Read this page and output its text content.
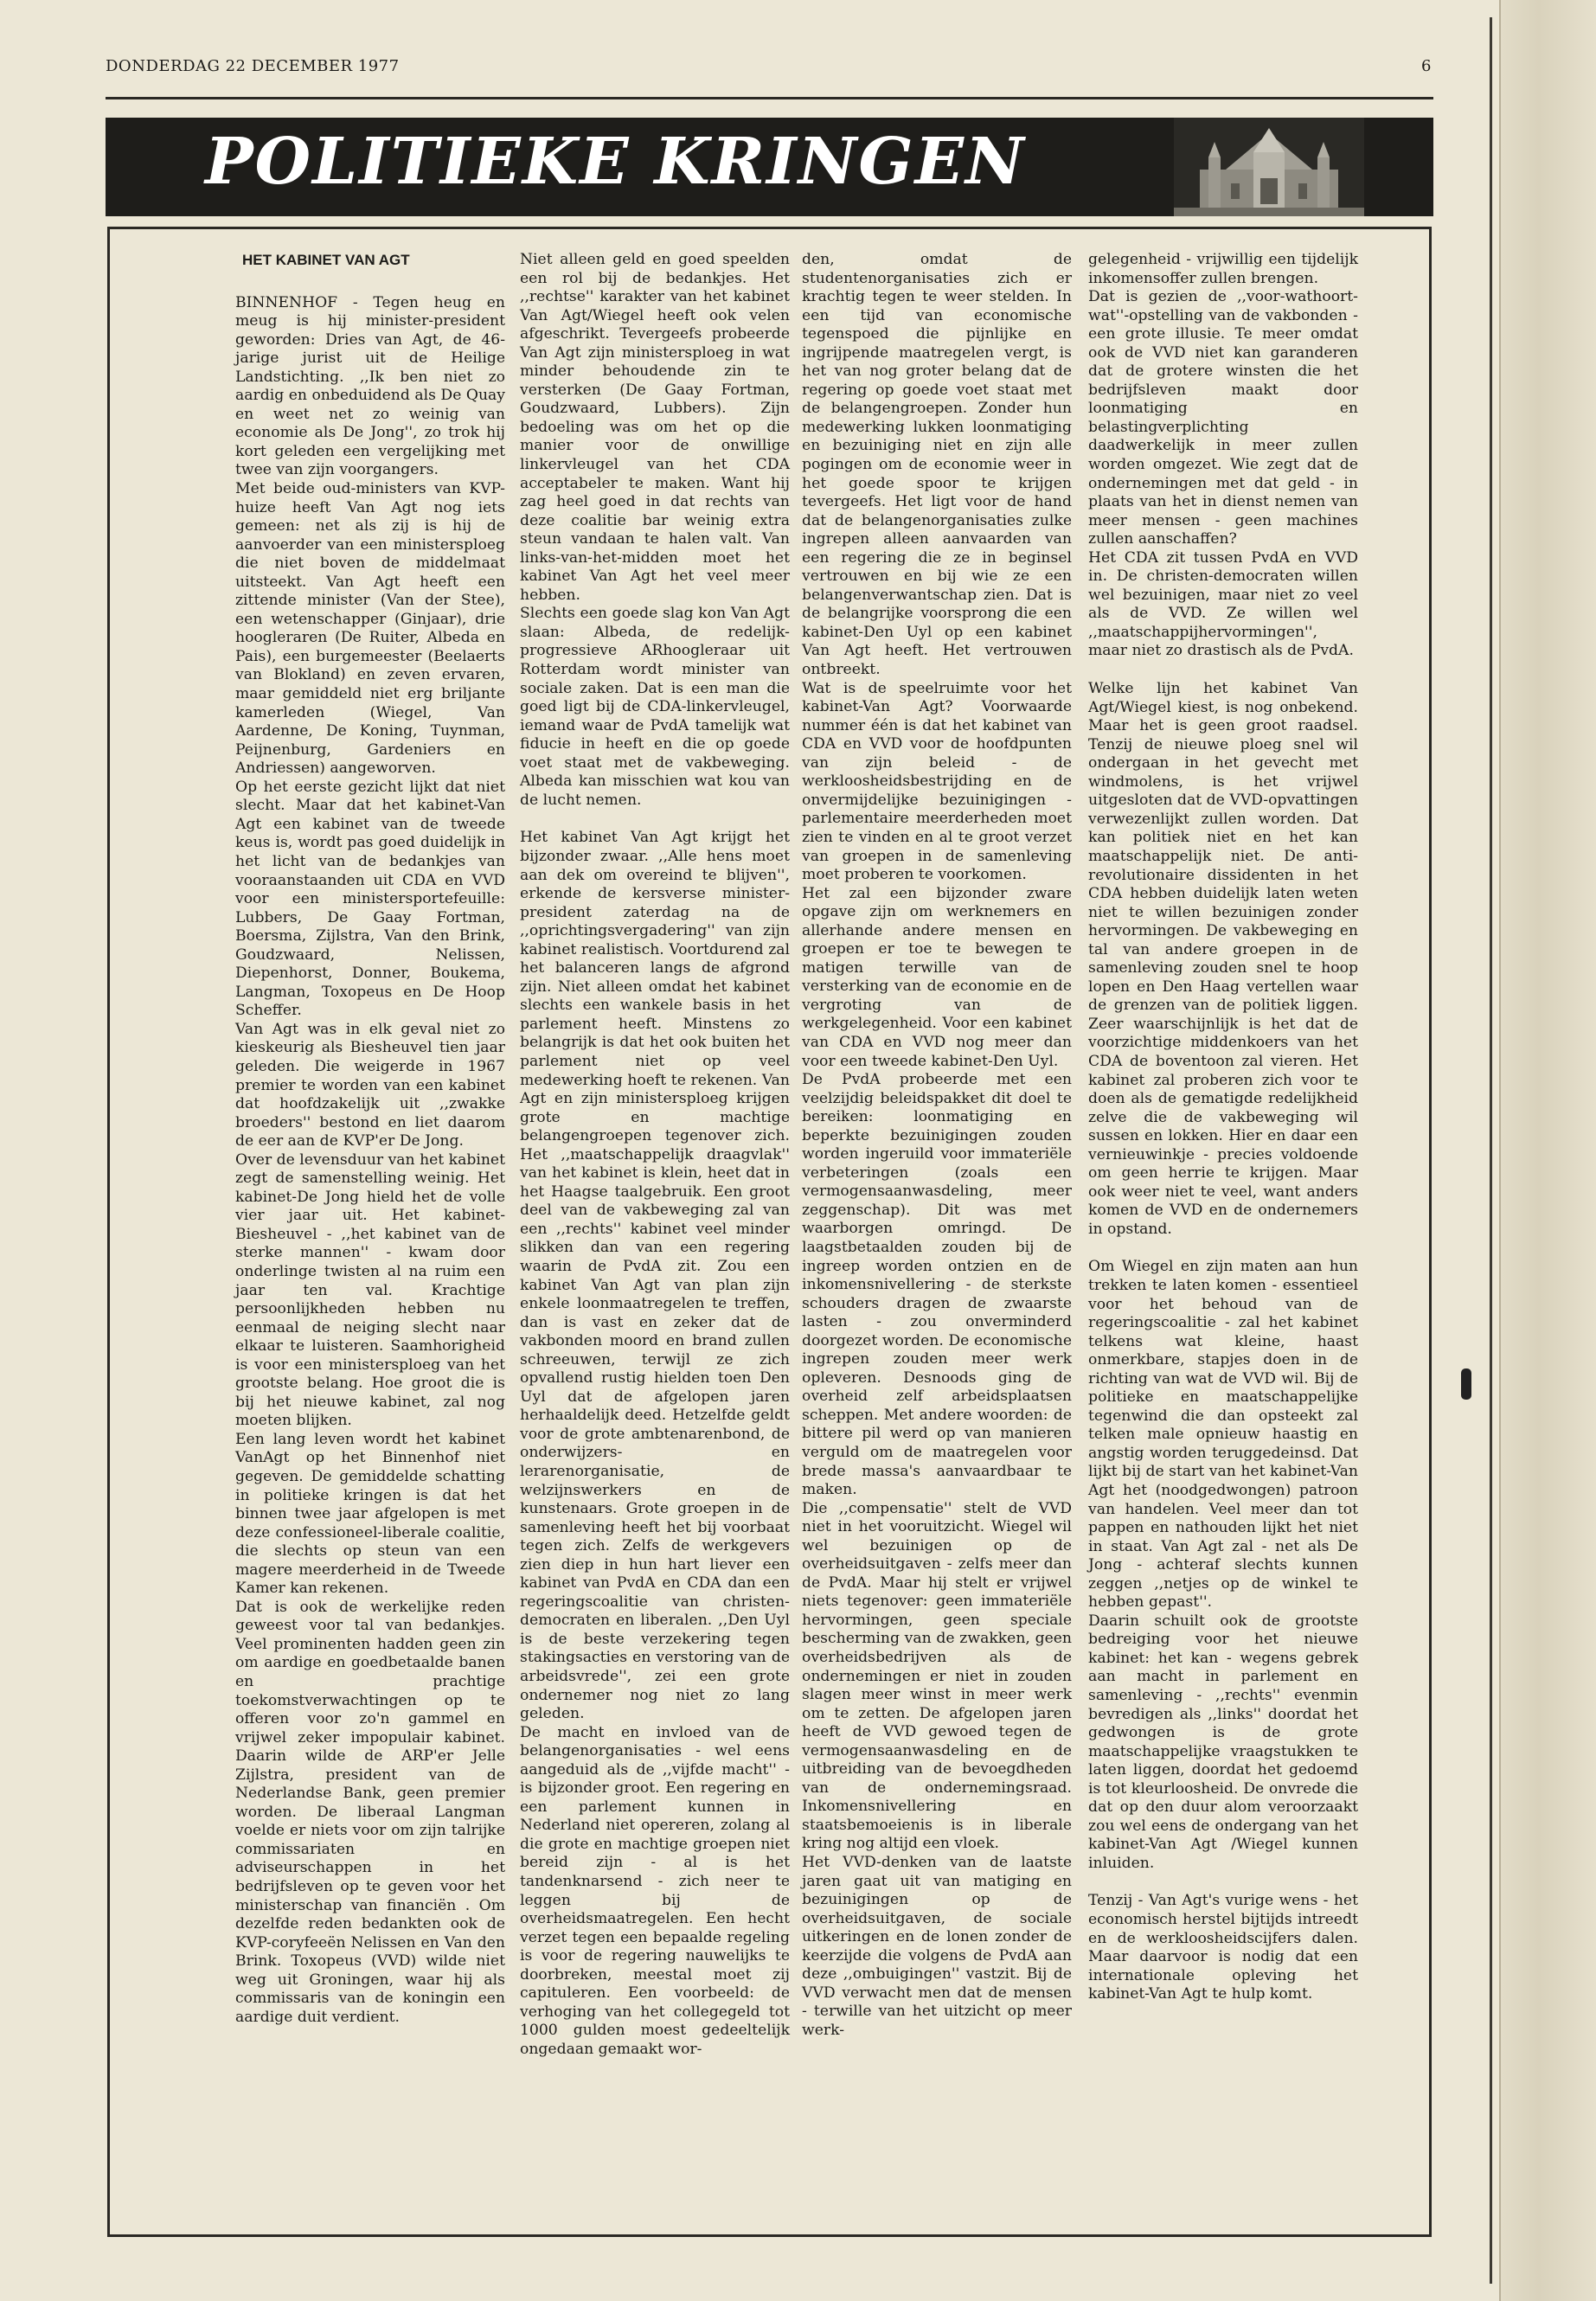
DONDERDAG 22 DECEMBER 1977	6
POLITIEKE KRINGEN

HET KABINET VAN AGT

BINNENHOF - Tegen heug en meug is hij minister-president geworden: Dries van Agt, de 46-jarige jurist uit de Heilige Landstichting. ,,Ik ben niet zo aardig en onbeduidend als De Quay en weet net zo weinig van economie als De Jong'', zo trok hij kort geleden een vergelijking met twee van zijn voorgangers.

Met beide oud-ministers van KVP-huize heeft Van Agt nog iets gemeen: net als zij is hij de aanvoerder van een ministersploeg die niet boven de middelmaat uitsteekt. Van Agt heeft een zittende minister (Van der Stee), een wetenschapper (Ginjaar), drie hoogleraren (De Ruiter, Albeda en Pais), een burgemeester (Beelaerts van Blokland) en zeven ervaren, maar gemiddeld niet erg briljante kamerleden (Wiegel, Van Aardenne, De Koning, Tuynman, Peijnenburg, Gardeniers en Andriessen) aangeworven.

Op het eerste gezicht lijkt dat niet slecht. Maar dat het kabinet-Van Agt een kabinet van de tweede keus is, wordt pas goed duidelijk in het licht van de bedankjes van vooraanstaanden uit CDA en VVD voor een ministersportefeuille: Lubbers, De Gaay Fortman, Boersma, Zijlstra, Van den Brink, Goudzwaard, Nelissen, Diepenhorst, Donner, Boukema, Langman, Toxopeus en De Hoop Scheffer.

Van Agt was in elk geval niet zo kieskeurig als Biesheuvel tien jaar geleden. Die weigerde in 1967 premier te worden van een kabinet dat hoofdzakelijk uit ,,zwakke broeders'' bestond en liet daarom de eer aan de KVP'er De Jong.

Over de levensduur van het kabinet zegt de samenstelling weinig. Het kabinet-De Jong hield het de volle vier jaar uit. Het kabinet-Biesheuvel - ,,het kabinet van de sterke mannen'' - kwam door onderlinge twisten al na ruim een jaar ten val. Krachtige persoonlijkheden hebben nu eenmaal de neiging slecht naar elkaar te luisteren. Saamhorigheid is voor een ministersploeg van het grootste belang. Hoe groot die is bij het nieuwe kabinet, zal nog moeten blijken.

Een lang leven wordt het kabinet VanAgt op het Binnenhof niet gegeven. De gemiddelde schatting in politieke kringen is dat het binnen twee jaar afgelopen is met deze confessioneel-liberale coalitie, die slechts op steun van een magere meerderheid in de Tweede Kamer kan rekenen.

Dat is ook de werkelijke reden geweest voor tal van bedankjes. Veel prominenten hadden geen zin om aardige en goedbetaalde banen en prachtige toekomstverwachtingen op te offeren voor zo'n gammel en vrijwel zeker impopulair kabinet. Daarin wilde de ARP'er Jelle Zijlstra, president van de Nederlandse Bank, geen premier worden. De liberaal Langman voelde er niets voor om zijn talrijke commissariaten en adviseurschappen in het bedrijfsleven op te geven voor het ministerschap van financiën . Om dezelfde reden bedankten ook de KVP-coryfeeën Nelissen en Van den Brink. Toxopeus (VVD) wilde niet weg uit Groningen, waar hij als commissaris van de koningin een aardige duit verdient.

Niet alleen geld en goed speelden een rol bij de bedankjes. Het ,,rechtse'' karakter van het kabinet Van Agt/Wiegel heeft ook velen afgeschrikt. Tevergeefs probeerde Van Agt zijn ministersploeg in wat minder behoudende zin te versterken (De Gaay Fortman, Goudzwaard, Lubbers). Zijn bedoeling was om het op die manier voor de onwillige linkervleugel van het CDA acceptabeler te maken. Want hij zag heel goed in dat rechts van deze coalitie bar weinig extra steun vandaan te halen valt. Van links-van-het-midden moet het kabinet Van Agt het veel meer hebben.

Slechts een goede slag kon Van Agt slaan: Albeda, de redelijk-progressieve ARhoogleraar uit Rotterdam wordt minister van sociale zaken. Dat is een man die goed ligt bij de CDA-linkervleugel, iemand waar de PvdA tamelijk wat fiducie in heeft en die op goede voet staat met de vakbeweging. Albeda kan misschien wat kou van de lucht nemen.

Het kabinet Van Agt krijgt het bijzonder zwaar. ,,Alle hens moet aan dek om overeind te blijven'', erkende de kersverse minister-president zaterdag na de ,,oprichtingsvergadering'' van zijn kabinet realistisch. Voortdurend zal het balanceren langs de afgrond zijn. Niet alleen omdat het kabinet slechts een wankele basis in het parlement heeft. Minstens zo belangrijk is dat het ook buiten het parlement niet op veel medewerking hoeft te rekenen. Van Agt en zijn ministersploeg krijgen grote en machtige belangengroepen tegenover zich. Het ,,maatschappelijk draagvlak'' van het kabinet is klein, heet dat in het Haagse taalgebruik. Een groot deel van de vakbeweging zal van een ,,rechts'' kabinet veel minder slikken dan van een regering waarin de PvdA zit. Zou een kabinet Van Agt van plan zijn enkele loonmaatregelen te treffen, dan is vast en zeker dat de vakbonden moord en brand zullen schreeuwen, terwijl ze zich opvallend rustig hielden toen Den Uyl dat de afgelopen jaren herhaaldelijk deed. Hetzelfde geldt voor de grote ambtenarenbond, de onderwijzers- en lerarenorganisatie, de welzijnswerkers en de kunstenaars. Grote groepen in de samenleving heeft het bij voorbaat tegen zich. Zelfs de werkgevers zien diep in hun hart liever een kabinet van PvdA en CDA dan een regeringscoalitie van christen-democraten en liberalen. ,,Den Uyl is de beste verzekering tegen stakingsacties en verstoring van de arbeidsvrede'', zei een grote ondernemer nog niet zo lang geleden.

De macht en invloed van de belangenorganisaties - wel eens aangeduid als de ,,vijfde macht'' - is bijzonder groot. Een regering en een parlement kunnen in Nederland niet opereren, zolang al die grote en machtige groepen niet bereid zijn - al is het tandenknarsend - zich neer te leggen bij de overheidsmaatregelen. Een hecht verzet tegen een bepaalde regeling is voor de regering nauwelijks te doorbreken, meestal moet zij capituleren. Een voorbeeld: de verhoging van het collegegeld tot 1000 gulden moest gedeeltelijk ongedaan gemaakt wor-

den, omdat de studentenorganisaties zich er krachtig tegen te weer stelden. In een tijd van economische tegenspoed die pijnlijke en ingrijpende maatregelen vergt, is het van nog groter belang dat de regering op goede voet staat met de belangengroepen. Zonder hun medewerking lukken loonmatiging en bezuiniging niet en zijn alle pogingen om de economie weer in het goede spoor te krijgen tevergeefs. Het ligt voor de hand dat de belangenorganisaties zulke ingrepen alleen aanvaarden van een regering die ze in beginsel vertrouwen en bij wie ze een belangenverwantschap zien. Dat is de belangrijke voorsprong die een kabinet-Den Uyl op een kabinet Van Agt heeft. Het vertrouwen ontbreekt.

Wat is de speelruimte voor het kabinet-Van Agt? Voorwaarde nummer één is dat het kabinet van CDA en VVD voor de hoofdpunten van zijn beleid - de werkloosheidsbestrijding en de onvermijdelijke bezuinigingen - parlementaire meerderheden moet zien te vinden en al te groot verzet van groepen in de samenleving moet proberen te voorkomen.

Het zal een bijzonder zware opgave zijn om werknemers en allerhande andere mensen en groepen er toe te bewegen te matigen terwille van de versterking van de economie en de vergroting van de werkgelegenheid. Voor een kabinet van CDA en VVD nog meer dan voor een tweede kabinet-Den Uyl.

De PvdA probeerde met een veelzijdig beleidspakket dit doel te bereiken: loonmatiging en beperkte bezuinigingen zouden worden ingeruild voor immateriële verbeteringen (zoals een vermogensaanwasdeling, meer zeggenschap). Dit was met waarborgen omringd. De laagstbetaalden zouden bij de ingreep worden ontzien en de inkomensnivellering - de sterkste schouders dragen de zwaarste lasten - zou onverminderd doorgezet worden. De economische ingrepen zouden meer werk opleveren. Desnoods ging de overheid zelf arbeidsplaatsen scheppen. Met andere woorden: de bittere pil werd op van manieren verguld om de maatregelen voor brede massa's aanvaardbaar te maken.

Die ,,compensatie'' stelt de VVD niet in het vooruitzicht. Wiegel wil wel bezuinigen op de overheidsuitgaven - zelfs meer dan de PvdA. Maar hij stelt er vrijwel niets tegenover: geen immateriële hervormingen, geen speciale bescherming van de zwakken, geen overheidsbedrijven als de ondernemingen er niet in zouden slagen meer winst in meer werk om te zetten. De afgelopen jaren heeft de VVD gewoed tegen de vermogensaanwasdeling en de uitbreiding van de bevoegdheden van de ondernemingsraad. Inkomensnivellering en staatsbemoeienis is in liberale kring nog altijd een vloek.

Het VVD-denken van de laatste jaren gaat uit van matiging en bezuinigingen op de overheidsuitgaven, de sociale uitkeringen en de lonen zonder de keerzijde die volgens de PvdA aan deze ,,ombuigingen'' vastzit. Bij de VVD verwacht men dat de mensen - terwille van het uitzicht op meer werk-

gelegenheid - vrijwillig een tijdelijk inkomensoffer zullen brengen.

Dat is gezien de ,,voor-wathoort-wat''-opstelling van de vakbonden - een grote illusie. Te meer omdat ook de VVD niet kan garanderen dat de grotere winsten die het bedrijfsleven maakt door loonmatiging en belastingverplichting daadwerkelijk in meer zullen worden omgezet. Wie zegt dat de ondernemingen met dat geld - in plaats van het in dienst nemen van meer mensen - geen machines zullen aanschaffen?

Het CDA zit tussen PvdA en VVD in. De christen-democraten willen wel bezuinigen, maar niet zo veel als de VVD. Ze willen wel ,,maatschappijhervormingen'', maar niet zo drastisch als de PvdA.

Welke lijn het kabinet Van Agt/Wiegel kiest, is nog onbekend. Maar het is geen groot raadsel. Tenzij de nieuwe ploeg snel wil ondergaan in het gevecht met windmolens, is het vrijwel uitgesloten dat de VVD-opvattingen verwezenlijkt zullen worden. Dat kan politiek niet en het kan maatschappelijk niet. De anti-revolutionaire dissidenten in het CDA hebben duidelijk laten weten niet te willen bezuinigen zonder hervormingen. De vakbeweging en tal van andere groepen in de samenleving zouden snel te hoop lopen en Den Haag vertellen waar de grenzen van de politiek liggen. Zeer waarschijnlijk is het dat de voorzichtige middenkoers van het CDA de boventoon zal vieren. Het kabinet zal proberen zich voor te doen als de gematigde redelijkheid zelve die de vakbeweging wil sussen en lokken. Hier en daar een vernieuwinkje - precies voldoende om geen herrie te krijgen. Maar ook weer niet te veel, want anders komen de VVD en de ondernemers in opstand.

Om Wiegel en zijn maten aan hun trekken te laten komen - essentieel voor het behoud van de regeringscoalitie - zal het kabinet telkens wat kleine, haast onmerkbare, stapjes doen in de richting van wat de VVD wil. Bij de politieke en maatschappelijke tegenwind die dan opsteekt zal telken male opnieuw haastig en angstig worden teruggedeinsd. Dat lijkt bij de start van het kabinet-Van Agt het (noodgedwongen) patroon van handelen. Veel meer dan tot pappen en nathouden lijkt het niet in staat. Van Agt zal - net als De Jong - achteraf slechts kunnen zeggen ,,netjes op de winkel te hebben gepast''.

Daarin schuilt ook de grootste bedreiging voor het nieuwe kabinet: het kan - wegens gebrek aan macht in parlement en samenleving - ,,rechts'' evenmin bevredigen als ,,links'' doordat het gedwongen is de grote maatschappelijke vraagstukken te laten liggen, doordat het gedoemd is tot kleurloosheid. De onvrede die dat op den duur alom veroorzaakt zou wel eens de ondergang van het kabinet-Van Agt /Wiegel kunnen inluiden.

Tenzij - Van Agt's vurige wens - het economisch herstel bijtijds intreedt en de werkloosheidscijfers dalen. Maar daarvoor is nodig dat een internationale opleving het kabinet-Van Agt te hulp komt.
